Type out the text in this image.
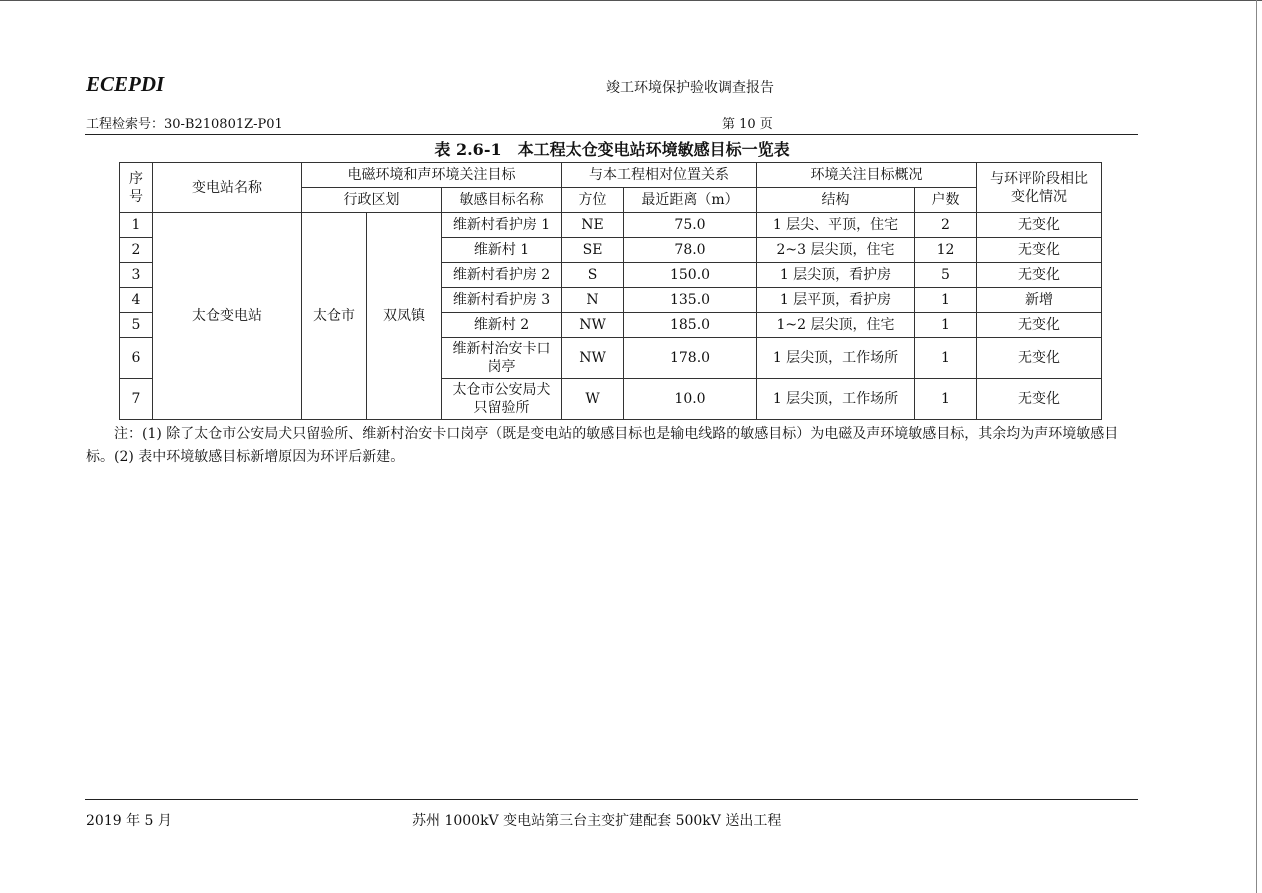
ECEPDI	竣工环境保护验收调查报告
工程检索号：30-B210801Z-P01	第 10 页
表 2.6-1　本工程太仓变电站环境敏感目标一览表
序号	变电站名称	电磁环境和声环境关注目标			与本工程相对位置关系		环境关注目标概况		与环评阶段相比变化情况
		行政区划		敏感目标名称	方位	最近距离（m）	结构	户数	
1	太仓变电站	太仓市	双凤镇	维新村看护房 1	NE	75.0	1 层尖、平顶，住宅	2	无变化
2				维新村 1	SE	78.0	2~3 层尖顶，住宅	12	无变化
3				维新村看护房 2	S	150.0	1 层尖顶，看护房	5	无变化
4				维新村看护房 3	N	135.0	1 层平顶，看护房	1	新增
5				维新村 2	NW	185.0	1~2 层尖顶，住宅	1	无变化
6				维新村治安卡口岗亭	NW	178.0	1 层尖顶，工作场所	1	无变化
7				太仓市公安局犬只留验所	W	10.0	1 层尖顶，工作场所	1	无变化
注：(1) 除了太仓市公安局犬只留验所、维新村治安卡口岗亭（既是变电站的敏感目标也是输电线路的敏感目标）为电磁及声环境敏感目标，其余均为声环境敏感目标。(2) 表中环境敏感目标新增原因为环评后新建。
2019 年 5 月	苏州 1000kV 变电站第三台主变扩建配套 500kV 送出工程
